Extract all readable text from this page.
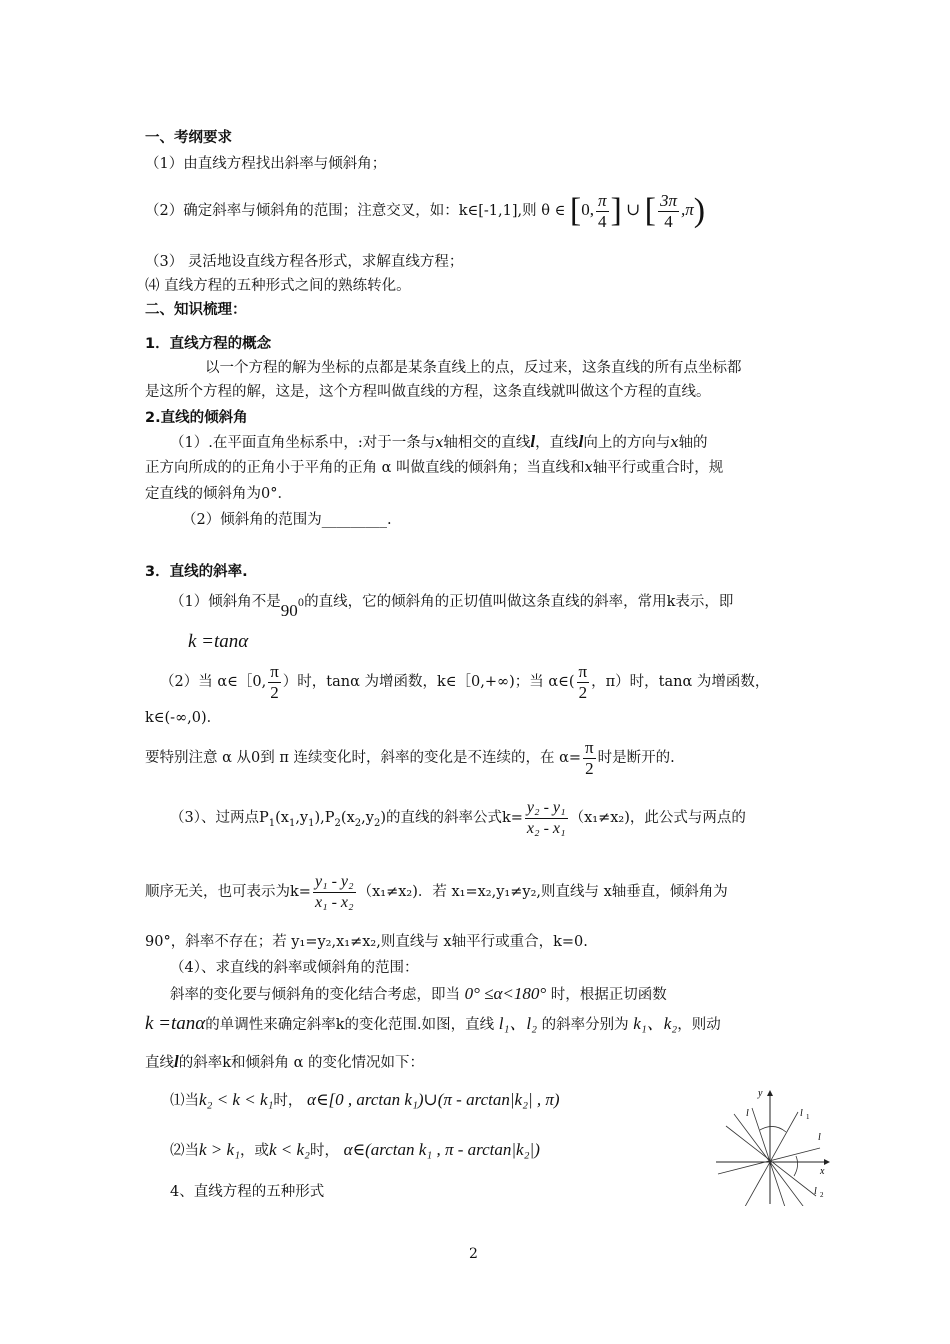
一、考纲要求
（1）由直线方程找出斜率与倾斜角；
（2）确定斜率与倾斜角的范围；注意交叉，如：k∈[-1,1],则 θ ∈ [0, $\frac{\pi}{4}$ ] ∪ [ $\frac{3\pi}{4} ,\pi$)
（3） 灵活地设直线方程各形式，求解直线方程；
⑷ 直线方程的五种形式之间的熟练转化。
二、知识梳理：
1．直线方程的概念
以一个方程的解为坐标的点都是某条直线上的点，反过来，这条直线的所有点坐标都
是这所个方程的解，这是，这个方程叫做直线的方程，这条直线就叫做这个方程的直线。
2.直线的倾斜角
（1）.在平面直角坐标系中，:对于一条与x轴相交的直线l，直线l向上的方向与x轴的
正方向所成的的正角小于平角的正角 α 叫做直线的倾斜角；当直线和x轴平行或重合时，规
定直线的倾斜角为0°．
（2）倾斜角的范围为_________.
3．直线的斜率.
（1）倾斜角不是$90^0$的直线，它的倾斜角的正切值叫做这条直线的斜率，常用k表示，即
k =tanα
（2）当 α∈［0, $\frac{\pi}{2}$ ）时，tanα 为增函数，k∈［0,+∞)；当 α∈( $\frac{\pi}{2}$ ，π）时，tanα 为增函数，
k∈(-∞,0)．
要特别注意 α 从0到 π 连续变化时，斜率的变化是不连续的，在 $\alpha= \frac{\pi}{2}$ 时是断开的.
（3）、过两点$P_1(x_1,y_1),P_2(x_2,y_2)$的直线的斜率公式$k= \frac{\text{y₂ - y₁}}{\text{x₂ - x₁}} (x_1\ne x_2)$，此公式与两点的
顺序无关，也可表示为$k= \frac{\text{y₁ - y₂}}{\text{x₁ - x₂}} (x_1\ne x_2)$．若 x₁=x₂,y₁≠y₂,则直线与 x轴垂直，倾斜角为
90°，斜率不存在；若 y₁=y₂,x₁≠x₂,则直线与 x轴平行或重合，k=0.
（4）、求直线的斜率或倾斜角的范围：
斜率的变化要与倾斜角的变化结合考虑，即当 0° ≤α<180° 时，根据正切函数
k =tanα的单调性来确定斜率k的变化范围.如图，直线 l₁、l₂ 的斜率分别为 k₁、k₂，则动
直线l的斜率k和倾斜角 α 的变化情况如下：
⑴当k₂ < k < k₁时， α∈[0 , arctan k₁)∪(π - arctan|k₂| , π)
⑵当k > k₁，或k < k₂时， α∈(arctan k₁ , π - arctan|k₂|)
4、直线方程的五种形式
y
x
l	l 1
l
l 2
2
